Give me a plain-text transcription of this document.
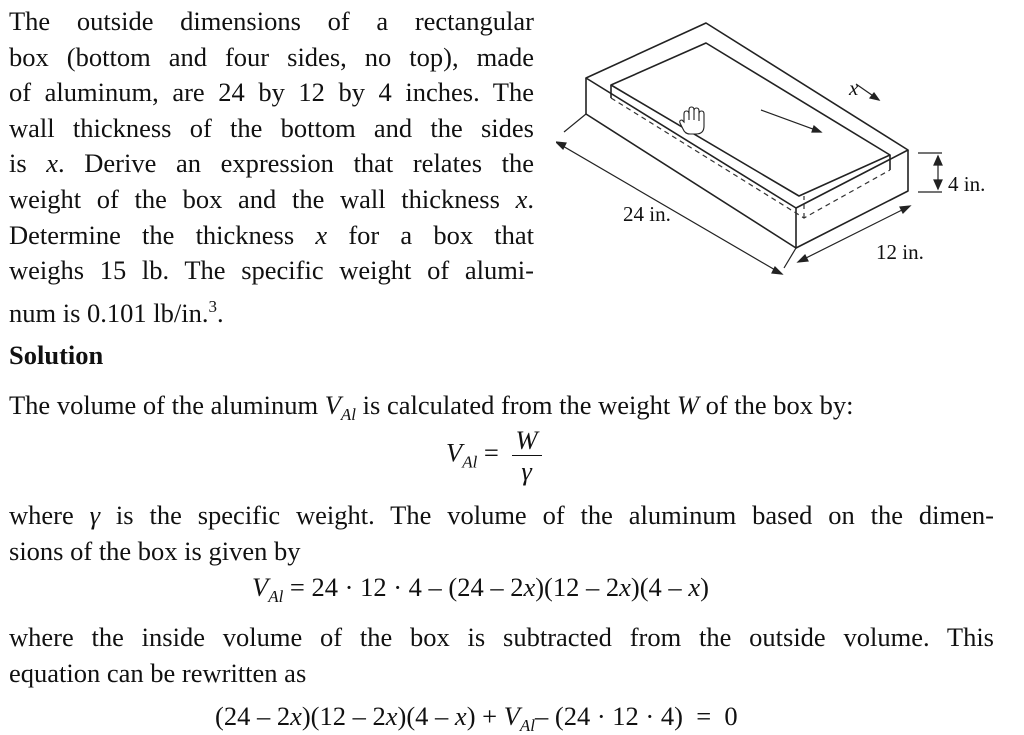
The outside dimensions of a rectangular
box (bottom and four sides, no top), made
of aluminum, are 24 by 12 by 4 inches. The
wall thickness of the bottom and the sides
is x. Derive an expression that relates the
weight of the box and the wall thickness x.
Determine the thickness x for a box that
weighs 15 lb. The specific weight of alumi-
num is 0.101 lb/in.$^3$.
x
24 in.
12 in.
4 in.
Solution
The volume of the aluminum $V_{Al}$ is calculated from the weight W of the box by:
$V_{Al} = \frac{W}{\gamma}$
where γ is the specific weight. The volume of the aluminum based on the dimen-
sions of the box is given by
$V_{Al} = 24 \cdot 12 \cdot 4 - (24 - 2x)(12 - 2x)(4 - x)$
where the inside volume of the box is subtracted from the outside volume. This
equation can be rewritten as
$(24 - 2x)(12 - 2x)(4 - x) + V_{Al}-$ (24 · 12 · 4)  =  0
